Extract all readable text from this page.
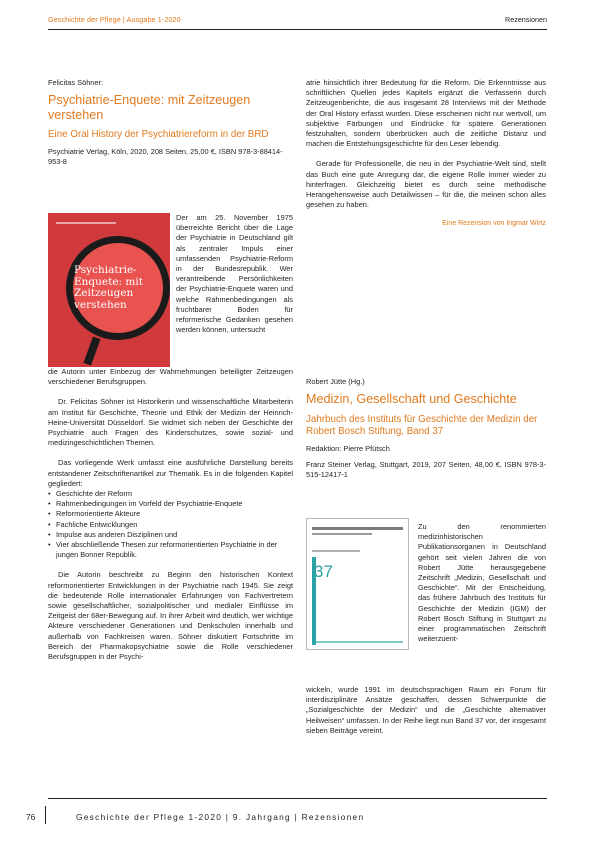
Geschichte der Pflege | Ausgabe 1-2020	Rezensionen
Felicitas Söhner:
Psychiatrie-Enquete: mit Zeitzeugen verstehen
Eine Oral History der Psychiatriereform in der BRD
Psychiatrie Verlag, Köln, 2020, 208 Seiten, 25,00 €, ISBN 978-3-88414-953-8
Psychiatrie-Enquete: mit Zeitzeugen verstehen

Der am 25. November 1975 überreichte Bericht über die Lage der Psychiatrie in Deutschland gilt als zentraler Impuls einer umfassenden Psychiatrie-Reform in der Bundesrepublik. Wer verantreibende Persönlichkeiten der Psychiatrie-Enquete waren und welche Rahmenbedingungen als fruchtbarer Boden für reformerische Gedanken gesehen werden können, untersucht

die Autorin unter Einbezug der Wahrnehmungen beteiligter Zeitzeugen verschiedener Berufsgruppen.

Dr. Felicitas Söhner ist Historikerin und wissenschaftliche Mitarbeiterin am Institut für Geschichte, Theorie und Ethik der Medizin der Heinrich-Heine-Universität Düsseldorf. Sie widmet sich neben der Geschichte der Psychiatrie auch Fragen des Kinderschutzes, sowie sozial- und medizingeschichtlichen Themen.

Das vorliegende Werk umfasst eine ausführliche Darstellung bereits entstandener Zeitschriftenartikel zur Thematik. Es in die folgenden Kapitel gegliedert:

• Geschichte der Reform
• Rahmenbedingungen im Vorfeld der Psychiatrie-Enquete
• Reformorientierte Akteure
• Fachliche Entwicklungen
• Impulse aus anderen Disziplinen und
• Vier abschließende Thesen zur reformorientierten Psychiatrie in der jungen Bonner Republik.

Die Autorin beschreibt zu Beginn den historischen Kontext reformorientierter Entwicklungen in der Psychiatrie nach 1945. Sie zeigt die bedeutende Rolle internationaler Erfahrungen von Fachvertretern sowie gesellschaftlicher, sozialpolitischer und medialer Einflüsse im Zeitgeist der 68er-Bewegung auf. In ihrer Arbeit wird deutlich, wer wichtige Akteure verschiedener Generationen und Denkschulen innerhalb und außerhalb von Fachkreisen waren. Söhner diskutiert Fortschritte im Bereich der Pharmakopsychiatrie sowie die Rolle verschiedener Berufsgruppen in der Psychi-

atrie hinsichtlich ihrer Bedeutung für die Reform. Die Erkenntnisse aus schriftlichen Quellen jedes Kapitels ergänzt die Verfasserin durch Zeitzeugenberichte, die aus insgesamt 28 Interviews mit der Methode der Oral History erfasst wurden. Diese erscheinen nicht nur wertvoll, um subjektive Färbungen und Eindrücke für spätere Generationen festzuhalten, sondern überbrücken auch die zeitliche Distanz und machen die Entstehungsgeschichte für den Leser lebendig.

Gerade für Professionelle, die neu in der Psychiatrie-Welt sind, stellt das Buch eine gute Anregung dar, die eigene Rolle immer wieder zu hinterfragen. Gleichzeitig bietet es durch seine methodische Herangehensweise auch Detailwissen – für die, die meinen schon alles gesehen zu haben.

Eine Rezension von Ingmar Wirtz
Robert Jütte (Hg.)
Medizin, Gesellschaft und Geschichte
Jahrbuch des Instituts für Geschichte der Medizin der Robert Bosch Stiftung, Band 37
Redaktion: Pierre Pfütsch
Franz Steiner Verlag, Stuttgart, 2019, 207 Seiten, 48,00 €, ISBN 978-3-515-12417-1
37

Zu den renommierten medizinhistorischen Publikationsorganen in Deutschland gehört seit vielen Jahren die von Robert Jütte herausgegebene Zeitschrift „Medizin, Gesellschaft und Geschichte“. Mit der Entscheidung, das frühere Jahrbuch des Instituts für Geschichte der Medizin (IGM) der Robert Bosch Stiftung in Stuttgart zu einer programmatischen Zeitschrift weiterzuent-

wickeln, wurde 1991 im deutschsprachigen Raum ein Forum für interdisziplinäre Ansätze geschaffen, dessen Schwerpunkte die „Sozialgeschichte der Medizin“ und die „Geschichte alternativer Heilweisen“ umfassen. In der Reihe liegt nun Band 37 vor, der insgesamt sieben Beiträge vereint.

76	Geschichte der Pflege 1-2020 | 9. Jahrgang | Rezensionen
